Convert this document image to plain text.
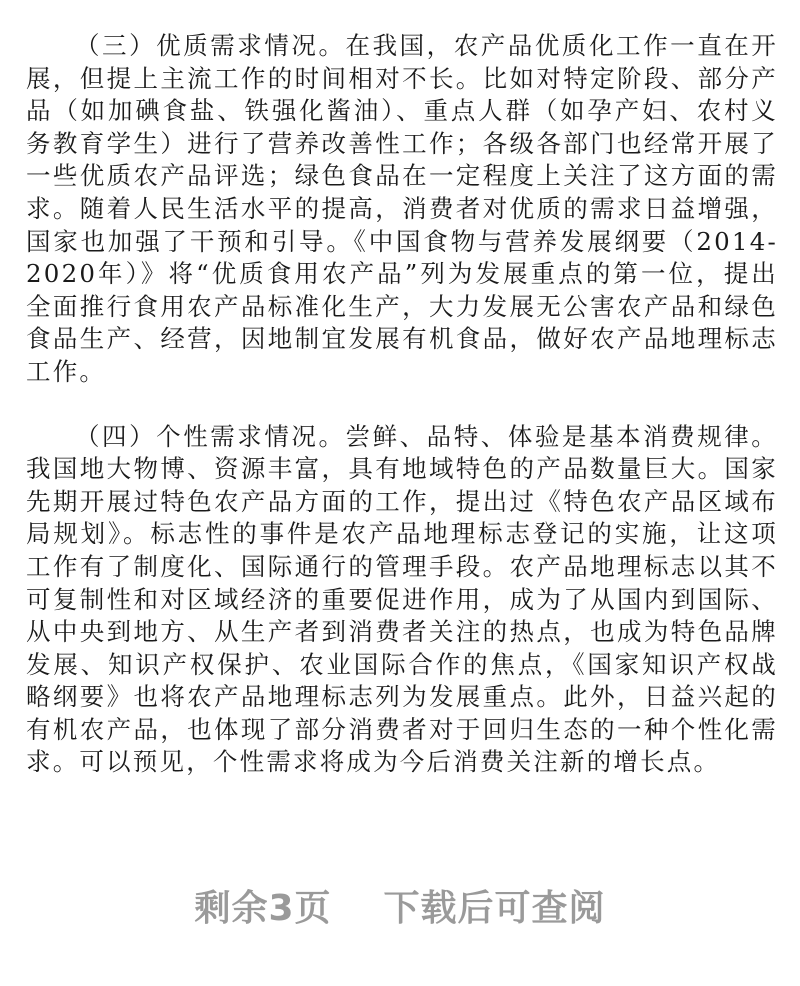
（三）优质需求情况。在我国，农产品优质化工作一直在开展，但提上主流工作的时间相对不长。比如对特定阶段、部分产品（如加碘食盐、铁强化酱油）、重点人群（如孕产妇、农村义务教育学生）进行了营养改善性工作；各级各部门也经常开展了一些优质农产品评选；绿色食品在一定程度上关注了这方面的需求。随着人民生活水平的提高，消费者对优质的需求日益增强，国家也加强了干预和引导。《中国食物与营养发展纲要（2014-2020年）》将“优质食用农产品”列为发展重点的第一位，提出全面推行食用农产品标准化生产，大力发展无公害农产品和绿色食品生产、经营，因地制宜发展有机食品，做好农产品地理标志工作。

（四）个性需求情况。尝鲜、品特、体验是基本消费规律。我国地大物博、资源丰富，具有地域特色的产品数量巨大。国家先期开展过特色农产品方面的工作，提出过《特色农产品区域布局规划》。标志性的事件是农产品地理标志登记的实施，让这项工作有了制度化、国际通行的管理手段。农产品地理标志以其不可复制性和对区域经济的重要促进作用，成为了从国内到国际、从中央到地方、从生产者到消费者关注的热点，也成为特色品牌发展、知识产权保护、农业国际合作的焦点，《国家知识产权战略纲要》也将农产品地理标志列为发展重点。此外，日益兴起的有机农产品，也体现了部分消费者对于回归生态的一种个性化需求。可以预见，个性需求将成为今后消费关注新的增长点。

剩余3页 下载后可查阅
